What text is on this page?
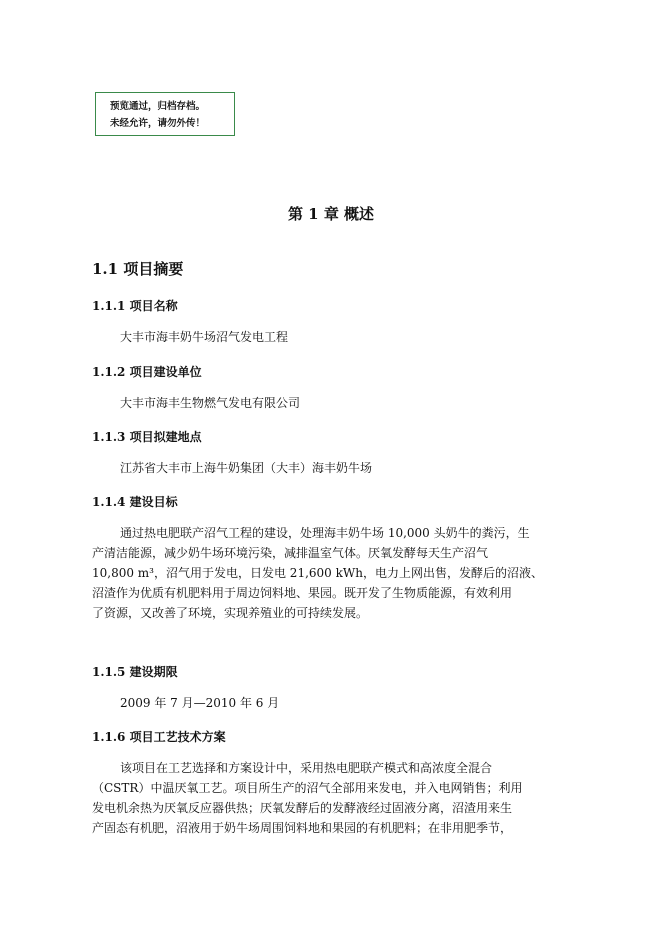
预览通过，归档存档。
未经允许，请勿外传！
第 1 章 概述
1.1 项目摘要
1.1.1 项目名称
大丰市海丰奶牛场沼气发电工程
1.1.2 项目建设单位
大丰市海丰生物燃气发电有限公司
1.1.3 项目拟建地点
江苏省大丰市上海牛奶集团（大丰）海丰奶牛场
1.1.4 建设目标
通过热电肥联产沼气工程的建设，处理海丰奶牛场 10,000 头奶牛的粪污，生
产清洁能源，减少奶牛场环境污染，减排温室气体。厌氧发酵每天生产沼气
10,800 m³，沼气用于发电，日发电 21,600 kWh，电力上网出售，发酵后的沼液、
沼渣作为优质有机肥料用于周边饲料地、果园。既开发了生物质能源，有效利用
了资源，又改善了环境，实现养殖业的可持续发展。
1.1.5 建设期限
2009 年 7 月—2010 年 6 月
1.1.6 项目工艺技术方案
该项目在工艺选择和方案设计中，采用热电肥联产模式和高浓度全混合
（CSTR）中温厌氧工艺。项目所生产的沼气全部用来发电，并入电网销售；利用
发电机余热为厌氧反应器供热；厌氧发酵后的发酵液经过固液分离，沼渣用来生
产固态有机肥，沼液用于奶牛场周围饲料地和果园的有机肥料；在非用肥季节，
